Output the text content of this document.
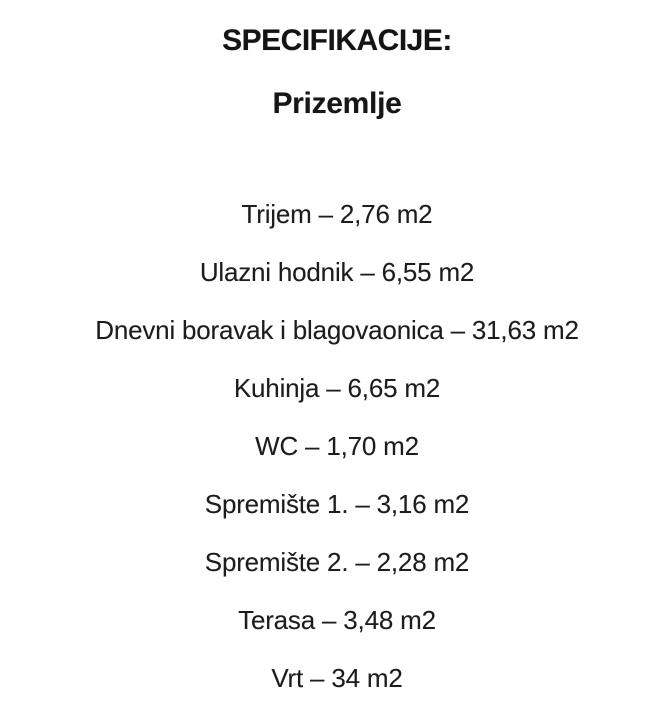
SPECIFIKACIJE:
Prizemlje
Trijem – 2,76 m2
Ulazni hodnik – 6,55 m2
Dnevni boravak i blagovaonica – 31,63 m2
Kuhinja – 6,65 m2
WC – 1,70 m2
Spremište 1. – 3,16 m2
Spremište 2. – 2,28 m2
Terasa – 3,48 m2
Vrt – 34 m2
